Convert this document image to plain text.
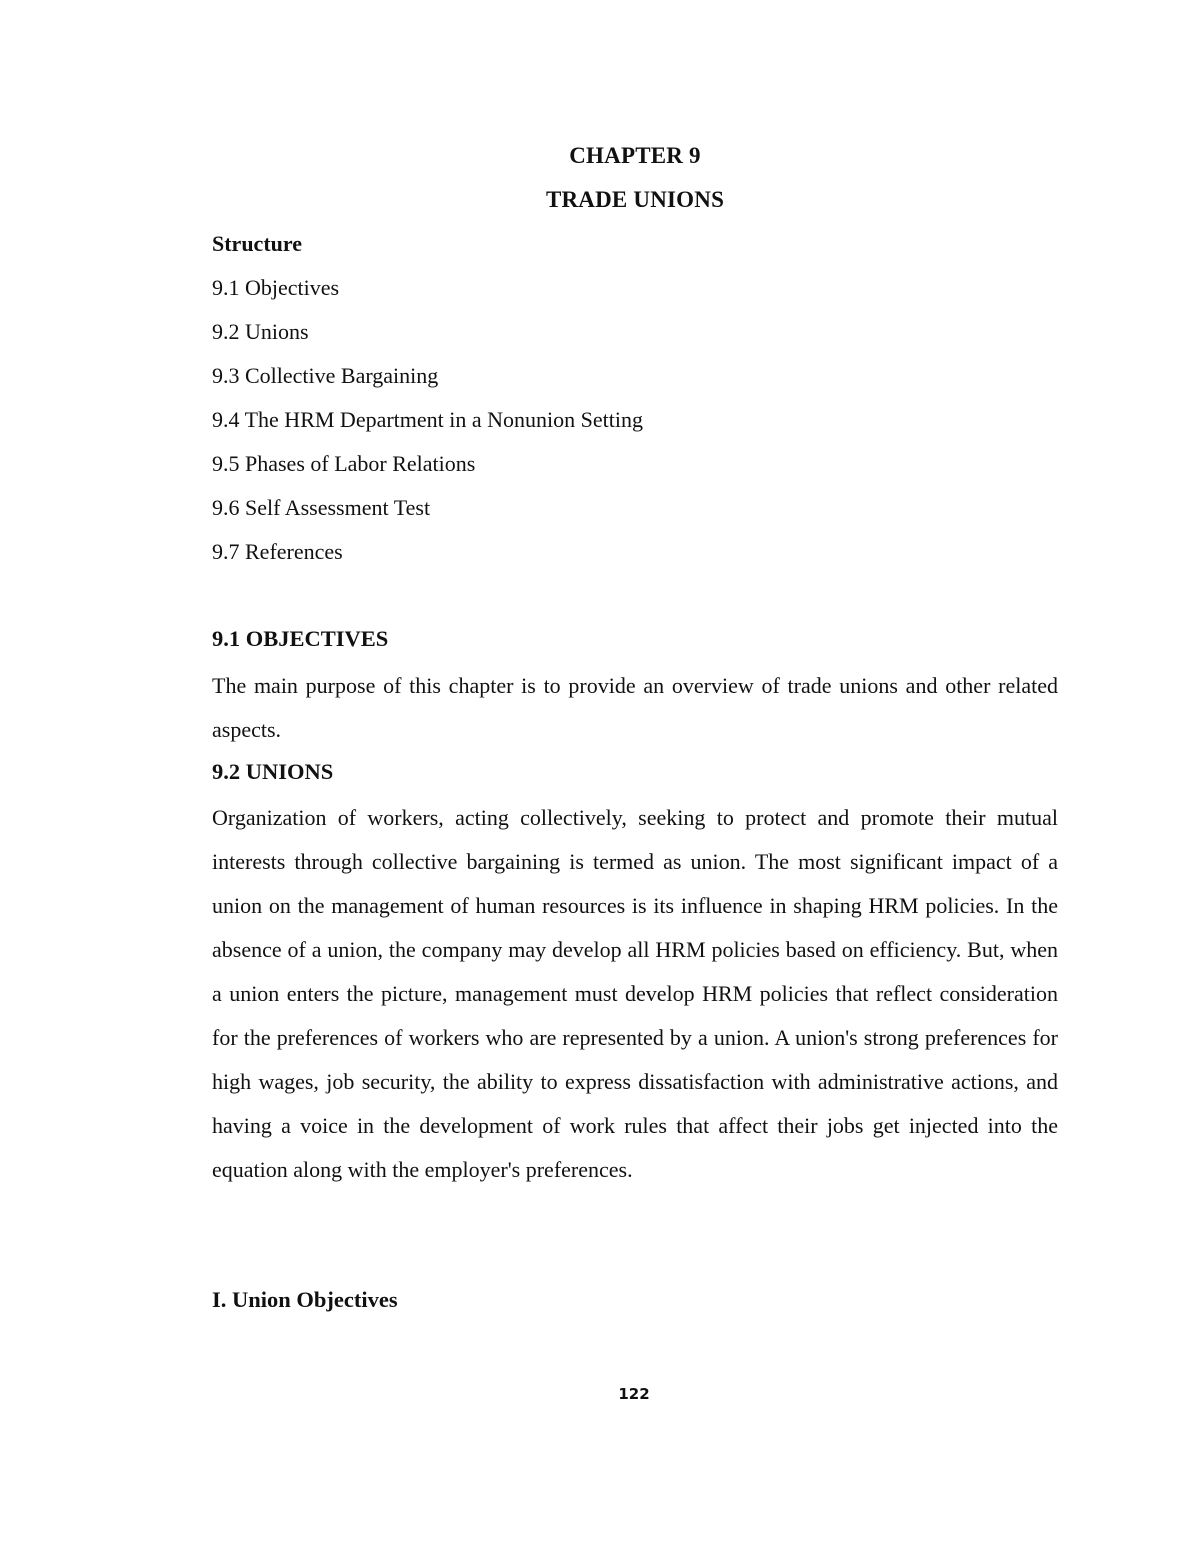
CHAPTER 9
TRADE UNIONS
Structure
9.1 Objectives
9.2 Unions
9.3 Collective Bargaining
9.4 The HRM Department in a Nonunion Setting
9.5 Phases of Labor Relations
9.6 Self Assessment Test
9.7 References
9.1 OBJECTIVES

The main purpose of this chapter is to provide an overview of trade unions and other related aspects.

9.2 UNIONS

Organization of workers, acting collectively, seeking to protect and promote their mutual interests through collective bargaining is termed as union. The most significant impact of a union on the management of human resources is its influence in shaping HRM policies. In the absence of a union, the company may develop all HRM policies based on efficiency. But, when a union enters the picture, management must develop HRM policies that reflect consideration for the preferences of workers who are represented by a union. A union's strong preferences for high wages, job security, the ability to express dissatisfaction with administrative actions, and having a voice in the development of work rules that affect their jobs get injected into the equation along with the employer's preferences.

I. Union Objectives
122
